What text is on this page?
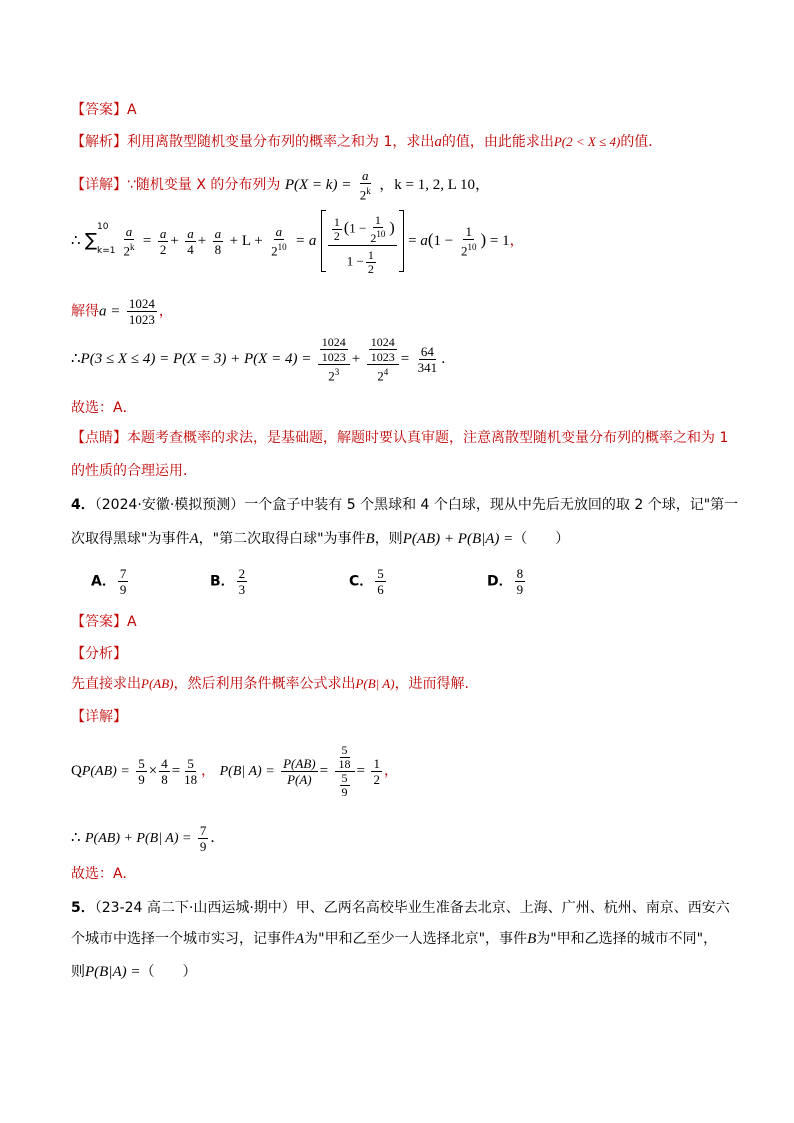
【答案】A
【解析】利用离散型随机变量分布列的概率之和为 1，求出a的值，由此能求出P(2 < X ≤ 4)的值．
【详解】∵随机变量 X 的分布列为 $P(X = k) = \frac{a}{2^k}$ ，k = 1, 2, L 10，
∴
10
∑ k=1
$\frac{a}{2^k} = \frac{a}{2} + \frac{a}{4} + \frac{a}{8} + L + \frac{a}{2^{10}} = a \frac{\frac{1}{2} (1 - \frac{1}{2^{10}} )}{1 - \frac{1}{2}} = a(1 - \frac{1}{2^{10}}$ ) = 1，
解得$a = \frac{1024}{1023}$ ，
∴P(3 ≤ $X \le 4) = P(X = 3) + P(X = 4) = \frac{\frac{1024}{1023}}{2^3} + \frac{\frac{1024}{1023}}{2^4} = \frac{64}{341}$ ．
故选：A．
【点睛】本题考查概率的求法，是基础题，解题时要认真审题，注意离散型随机变量分布列的概率之和为 1
的性质的合理运用．
4．（2024·安徽·模拟预测）一个盒子中装有 5 个黑球和 4 个白球，现从中先后无放回的取 2 个球，记"第一
次取得黑球"为事件A，"第二次取得白球"为事件B，则P(AB) + P(B|A) =（　　）
A． $\frac{7}{9}$	B． $\frac{2}{3}$	C． $\frac{5}{6}$	D． $\frac{8}{9}$
【答案】A
【分析】
先直接求出P(AB)，然后利用条件概率公式求出P(B| A)，进而得解.
【详解】
$QP(AB) = \frac{5}{9} \times \frac{4}{8} = \frac{5}{18}$ ， P(B| $A) = \frac{P(AB)}{P(A)} = \frac{\frac{5}{18}}{\frac{5}{9}} = \frac{1}{2}$ ，
∴ P(AB) + P(B| $A) = \frac{7}{9}$ ．
故选：A.
5．（23-24 高二下·山西运城·期中）甲、乙两名高校毕业生准备去北京、上海、广州、杭州、南京、西安六
个城市中选择一个城市实习，记事件A为"甲和乙至少一人选择北京"，事件B为"甲和乙选择的城市不同"，
则P(B|A) =（　　）
